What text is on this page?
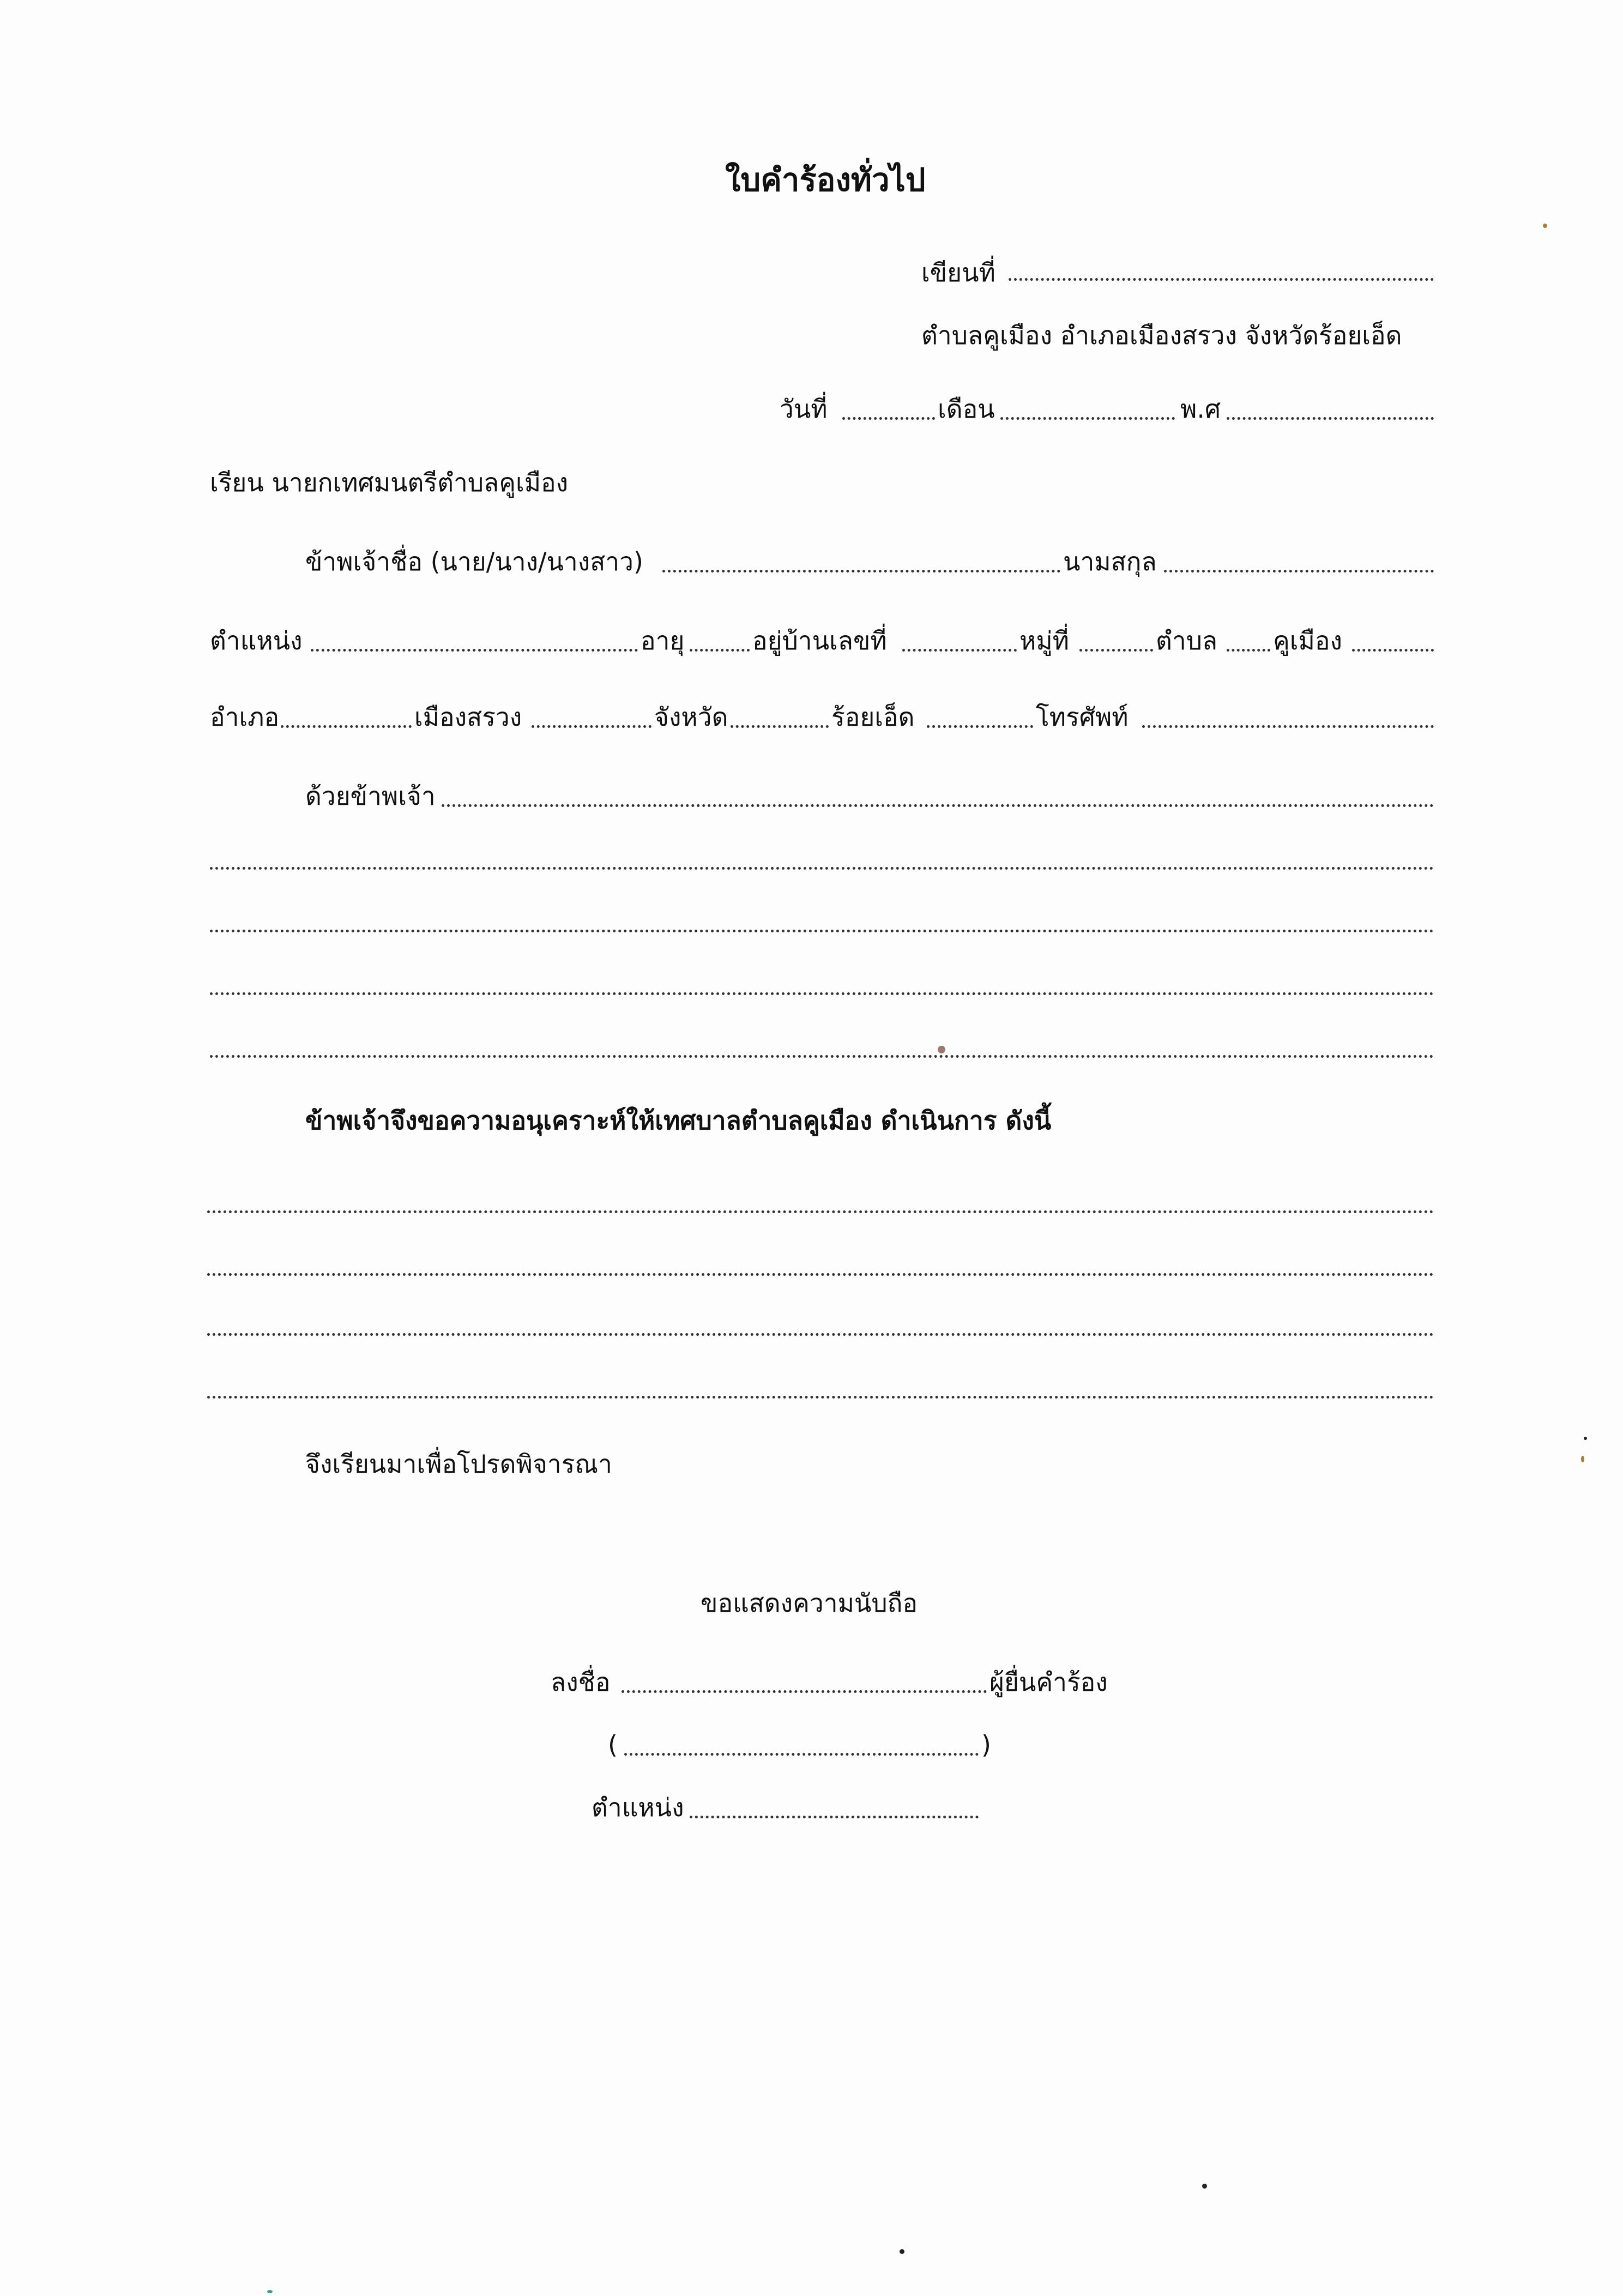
ใบคำร้องทั่วไป
เขียนที่
ตำบลคูเมือง อำเภอเมืองสรวง จังหวัดร้อยเอ็ด
วันที่	เดือน	พ.ศ
เรียน นายกเทศมนตรีตำบลคูเมือง
ข้าพเจ้าชื่อ (นาย/นาง/นางสาว)	นามสกุล
ตำแหน่ง	อายุ	อยู่บ้านเลขที่	หมู่ที่	ตำบล คูเมือง
อำเภอ	เมืองสรวง	จังหวัด	ร้อยเอ็ด	โทรศัพท์
ด้วยข้าพเจ้า
ข้าพเจ้าจึงขอความอนุเคราะห์ให้เทศบาลตำบลคูเมือง ดำเนินการ ดังนี้
จึงเรียนมาเพื่อโปรดพิจารณา
ขอแสดงความนับถือ
ลงชื่อ	ผู้ยื่นคำร้อง
(	)
ตำแหน่ง
